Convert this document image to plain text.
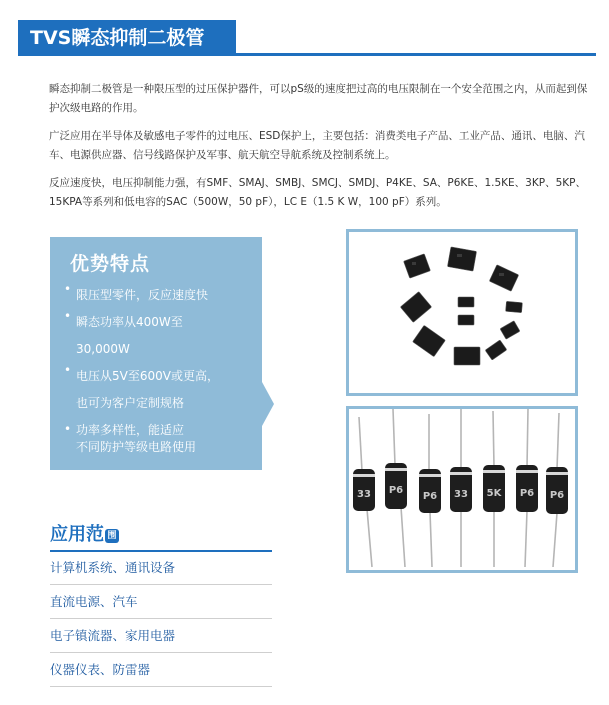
TVS瞬态抑制二极管

瞬态抑制二极管是一种限压型的过压保护器件，可以pS级的速度把过高的电压限制在一个安全范围之内，从而起到保护次级电路的作用。

广泛应用在半导体及敏感电子零件的过电压、ESD保护上，主要包括：消费类电子产品、工业产品、通讯、电脑、汽车、电源供应器、信号线路保护及军事、航天航空导航系统及控制系统上。

反应速度快，电压抑制能力强，有SMF、SMAJ、SMBJ、SMCJ、SMDJ、P4KE、SA、P6KE、1.5KE、3KP、5KP、15KPA等系列和低电容的SAC（500W，50 pF），LC E（1.5 K W，100 pF）系列。

优势特点
• 限压型零件，反应速度快
• 瞬态功率从400W至
30,000W
• 电压从5V至600V或更高，
也可为客户定制规格
• 功率多样性，能适应
不同防护等级电路使用
33 P6
P6 33 5K P6 P6
应用范 围
计算机系统、通讯设备
直流电源、汽车
电子镇流器、家用电器
仪器仪表、防雷器
